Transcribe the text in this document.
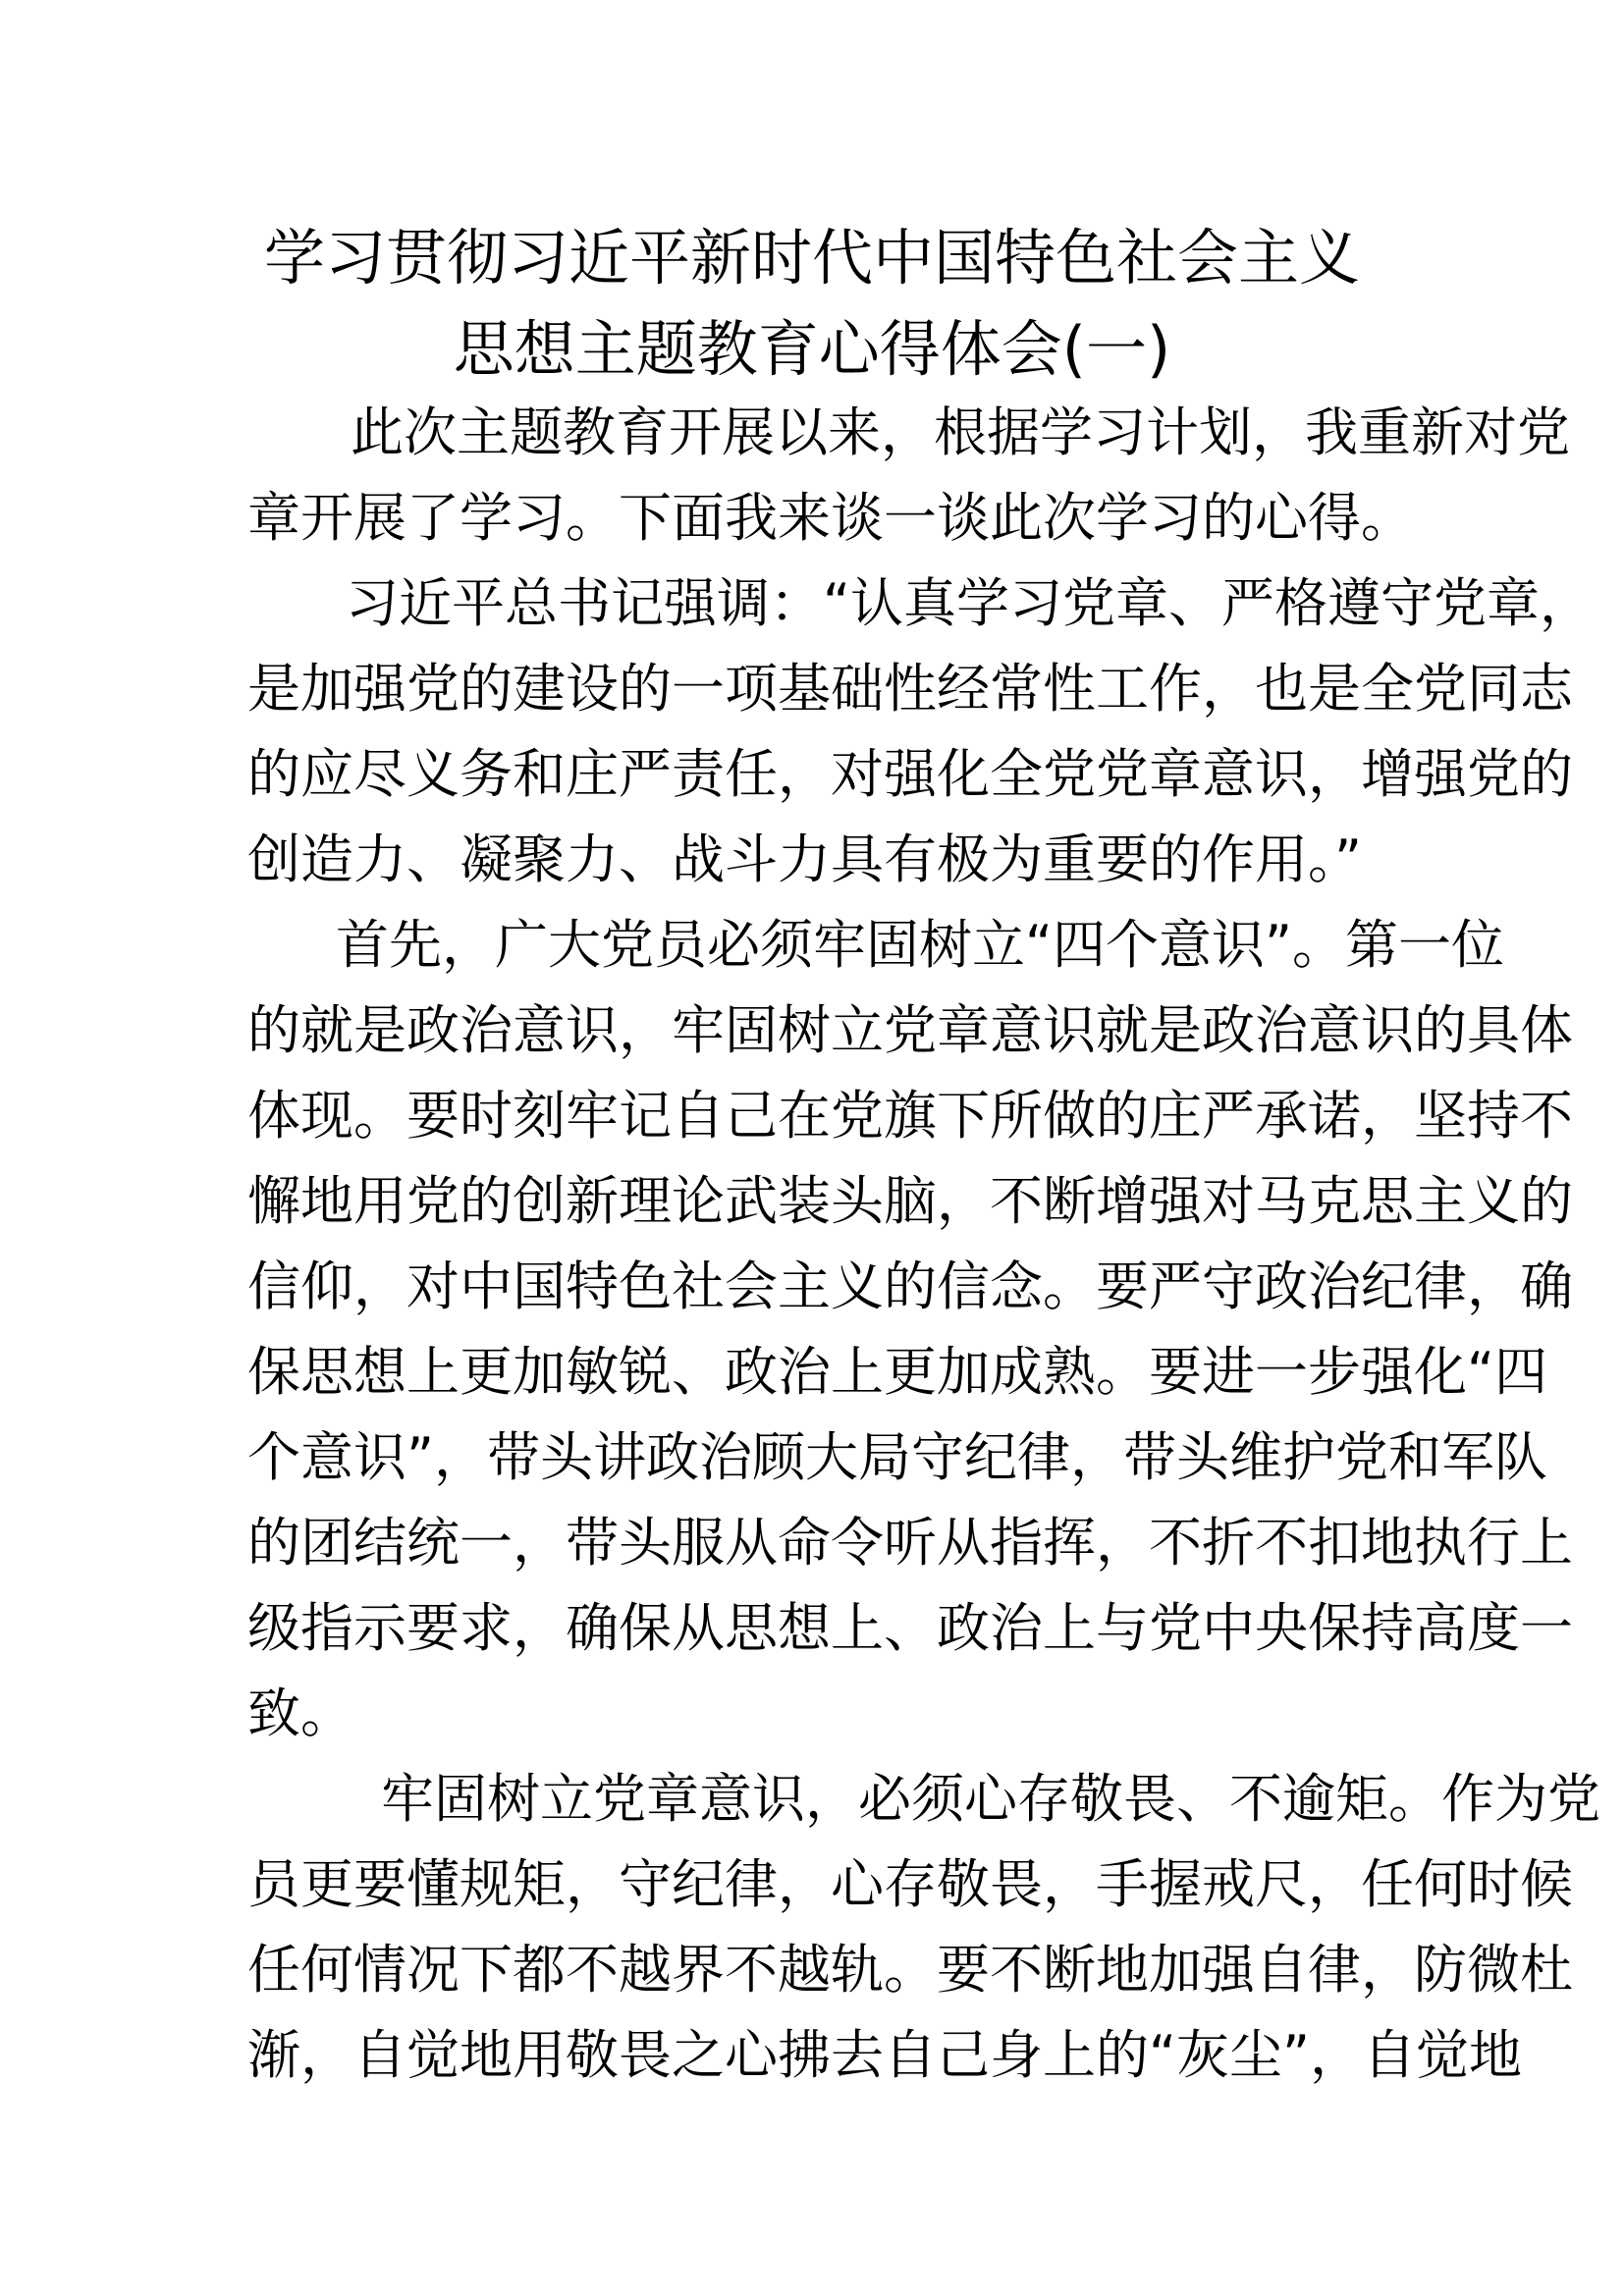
学习贯彻习近平新时代中国特色社会主义
思想主题教育心得体会(一)
此次主题教育开展以来，根据学习计划，我重新对党
章开展了学习。下面我来谈一谈此次学习的心得。
习近平总书记强调：“认真学习党章、严格遵守党章，
是加强党的建设的一项基础性经常性工作，也是全党同志
的应尽义务和庄严责任，对强化全党党章意识，增强党的
创造力、凝聚力、战斗力具有极为重要的作用。”
首先，广大党员必须牢固树立“四个意识”。第一位
的就是政治意识，牢固树立党章意识就是政治意识的具体
体现。要时刻牢记自己在党旗下所做的庄严承诺，坚持不
懈地用党的创新理论武装头脑，不断增强对马克思主义的
信仰，对中国特色社会主义的信念。要严守政治纪律，确
保思想上更加敏锐、政治上更加成熟。要进一步强化“四
个意识”，带头讲政治顾大局守纪律，带头维护党和军队
的团结统一，带头服从命令听从指挥，不折不扣地执行上
级指示要求，确保从思想上、政治上与党中央保持高度一
致。
牢固树立党章意识，必须心存敬畏、不逾矩。作为党
员更要懂规矩，守纪律，心存敬畏，手握戒尺，任何时候
任何情况下都不越界不越轨。要不断地加强自律，防微杜
渐，自觉地用敬畏之心拂去自己身上的“灰尘”，自觉地
